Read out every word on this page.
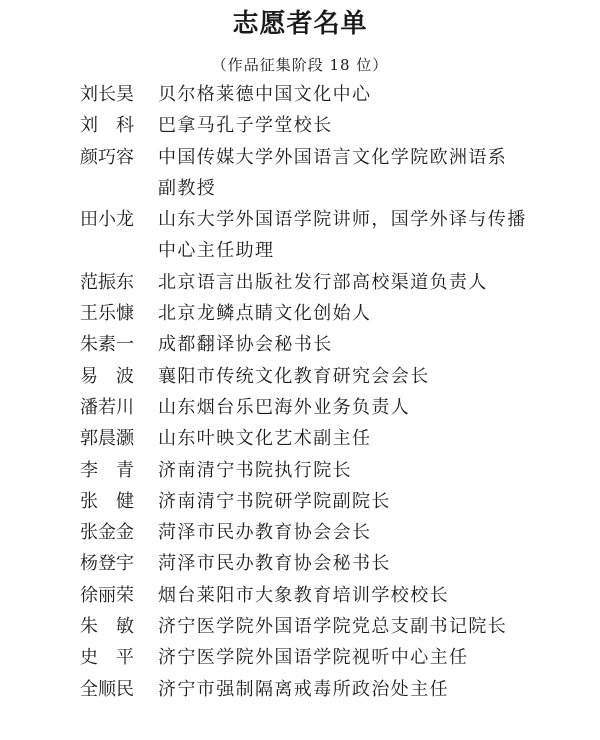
志愿者名单
（作品征集阶段 18 位）
刘长昊	贝尔格莱德中国文化中心
刘　科	巴拿马孔子学堂校长
颜巧容	中国传媒大学外国语言文化学院欧洲语系
副教授
田小龙	山东大学外国语学院讲师，国学外译与传播
中心主任助理
范振东	北京语言出版社发行部高校渠道负责人
王乐慷	北京龙鳞点睛文化创始人
朱素一	成都翻译协会秘书长
易　波	襄阳市传统文化教育研究会会长
潘若川	山东烟台乐巴海外业务负责人
郭晨灏	山东叶映文化艺术副主任
李　青	济南清宁书院执行院长
张　健	济南清宁书院研学院副院长
张金金	菏泽市民办教育协会会长
杨登宇	菏泽市民办教育协会秘书长
徐丽荣	烟台莱阳市大象教育培训学校校长
朱　敏	济宁医学院外国语学院党总支副书记院长
史　平	济宁医学院外国语学院视听中心主任
全顺民	济宁市强制隔离戒毒所政治处主任
